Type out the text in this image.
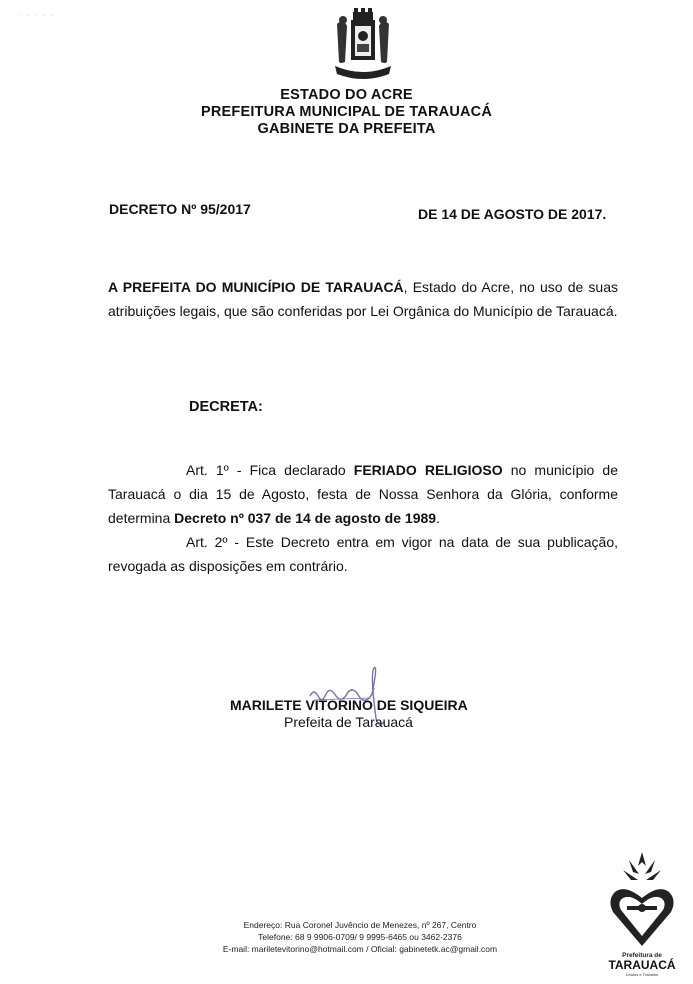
· · · · ·
ESTADO DO ACRE
PREFEITURA MUNICIPAL DE TARAUACÁ
GABINETE DA PREFEITA
DECRETO Nº 95/2017	DE 14 DE AGOSTO DE 2017.
A PREFEITA DO MUNICÍPIO DE TARAUACÁ, Estado do Acre, no uso de suas atribuições legais, que são conferidas por Lei Orgânica do Município de Tarauacá.
DECRETA:
Art. 1º - Fica declarado FERIADO RELIGIOSO no município de Tarauacá o dia 15 de Agosto, festa de Nossa Senhora da Glória, conforme determina Decreto nº 037 de 14 de agosto de 1989.
Art. 2º - Este Decreto entra em vigor na data de sua publicação, revogada as disposições em contrário.
MARILETE VITORINO DE SIQUEIRA
Prefeita de Tarauacá
Endereço: Rua Coronel Juvêncio de Menezes, nº 267, Centro
Telefone: 68 9 9906-0709/ 9 9995-6465 ou 3462-2376
E-mail: mariletevitorino@hotmail.com / Oficial: gabinetetk.ac@gmail.com
Prefeitura de
TARAUACÁ
Unidos e Trabalho
